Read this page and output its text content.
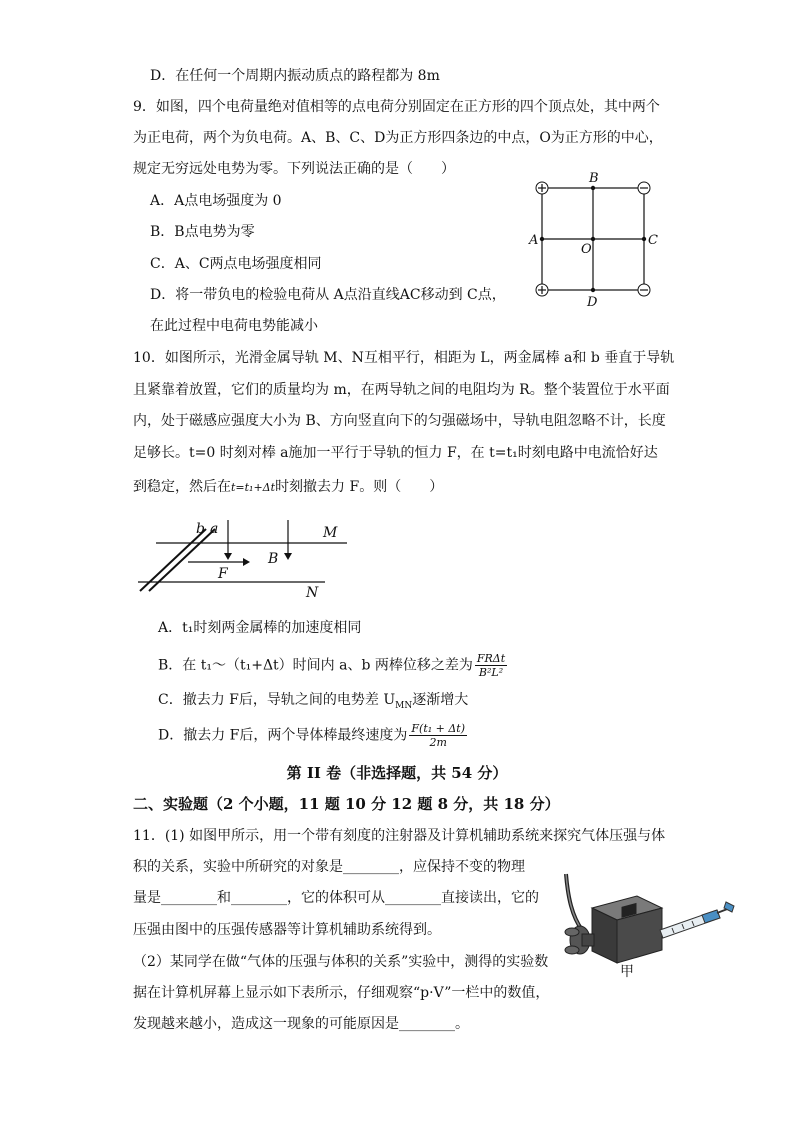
D．在任何一个周期内振动质点的路程都为 8m
9．如图，四个电荷量绝对值相等的点电荷分别固定在正方形的四个顶点处，其中两个
为正电荷，两个为负电荷。A、B、C、D为正方形四条边的中点，O为正方形的中心，
规定无穷远处电势为零。下列说法正确的是（　　）
A．A点电场强度为 0
B．B点电势为零
C．A、C两点电场强度相同
D．将一带负电的检验电荷从 A点沿直线AC移动到 C点，
在此过程中电荷电势能减小
B
A	C
O
D
10．如图所示，光滑金属导轨 M、N互相平行，相距为 L，两金属棒 a和 b 垂直于导轨
且紧靠着放置，它们的质量均为 m，在两导轨之间的电阻均为 R。整个装置位于水平面
内，处于磁感应强度大小为 B、方向竖直向下的匀强磁场中，导轨电阻忽略不计，长度
足够长。t=0 时刻对棒 a施加一平行于导轨的恒力 F，在 t=t₁时刻电路中电流恰好达
到稳定，然后在t=t₁+Δt时刻撤去力 F。则（　　）
b a	M
N
B
F
A．t₁时刻两金属棒的加速度相同
B．在 t₁～（t₁+Δt）时间内 a、b 两棒位移之差为 $\frac{\text{FRΔt}}{\text{B²L²}}$
C．撤去力 F后，导轨之间的电势差 $U_{MN}$逐渐增大
D．撤去力 F后，两个导体棒最终速度为 $\frac{\text{F(t₁ + Δt)}}{2m}$
第 II 卷（非选择题，共 54 分）
二、实验题（2 个小题，11 题 10 分 12 题 8 分，共 18 分）
11．(1) 如图甲所示，用一个带有刻度的注射器及计算机辅助系统来探究气体压强与体
积的关系，实验中所研究的对象是________，应保持不变的物理
量是________和________，它的体积可从________直接读出，它的
压强由图中的压强传感器等计算机辅助系统得到。
（2）某同学在做“气体的压强与体积的关系”实验中，测得的实验数
据在计算机屏幕上显示如下表所示，仔细观察“p·V”一栏中的数值，
发现越来越小，造成这一现象的可能原因是________。
甲
